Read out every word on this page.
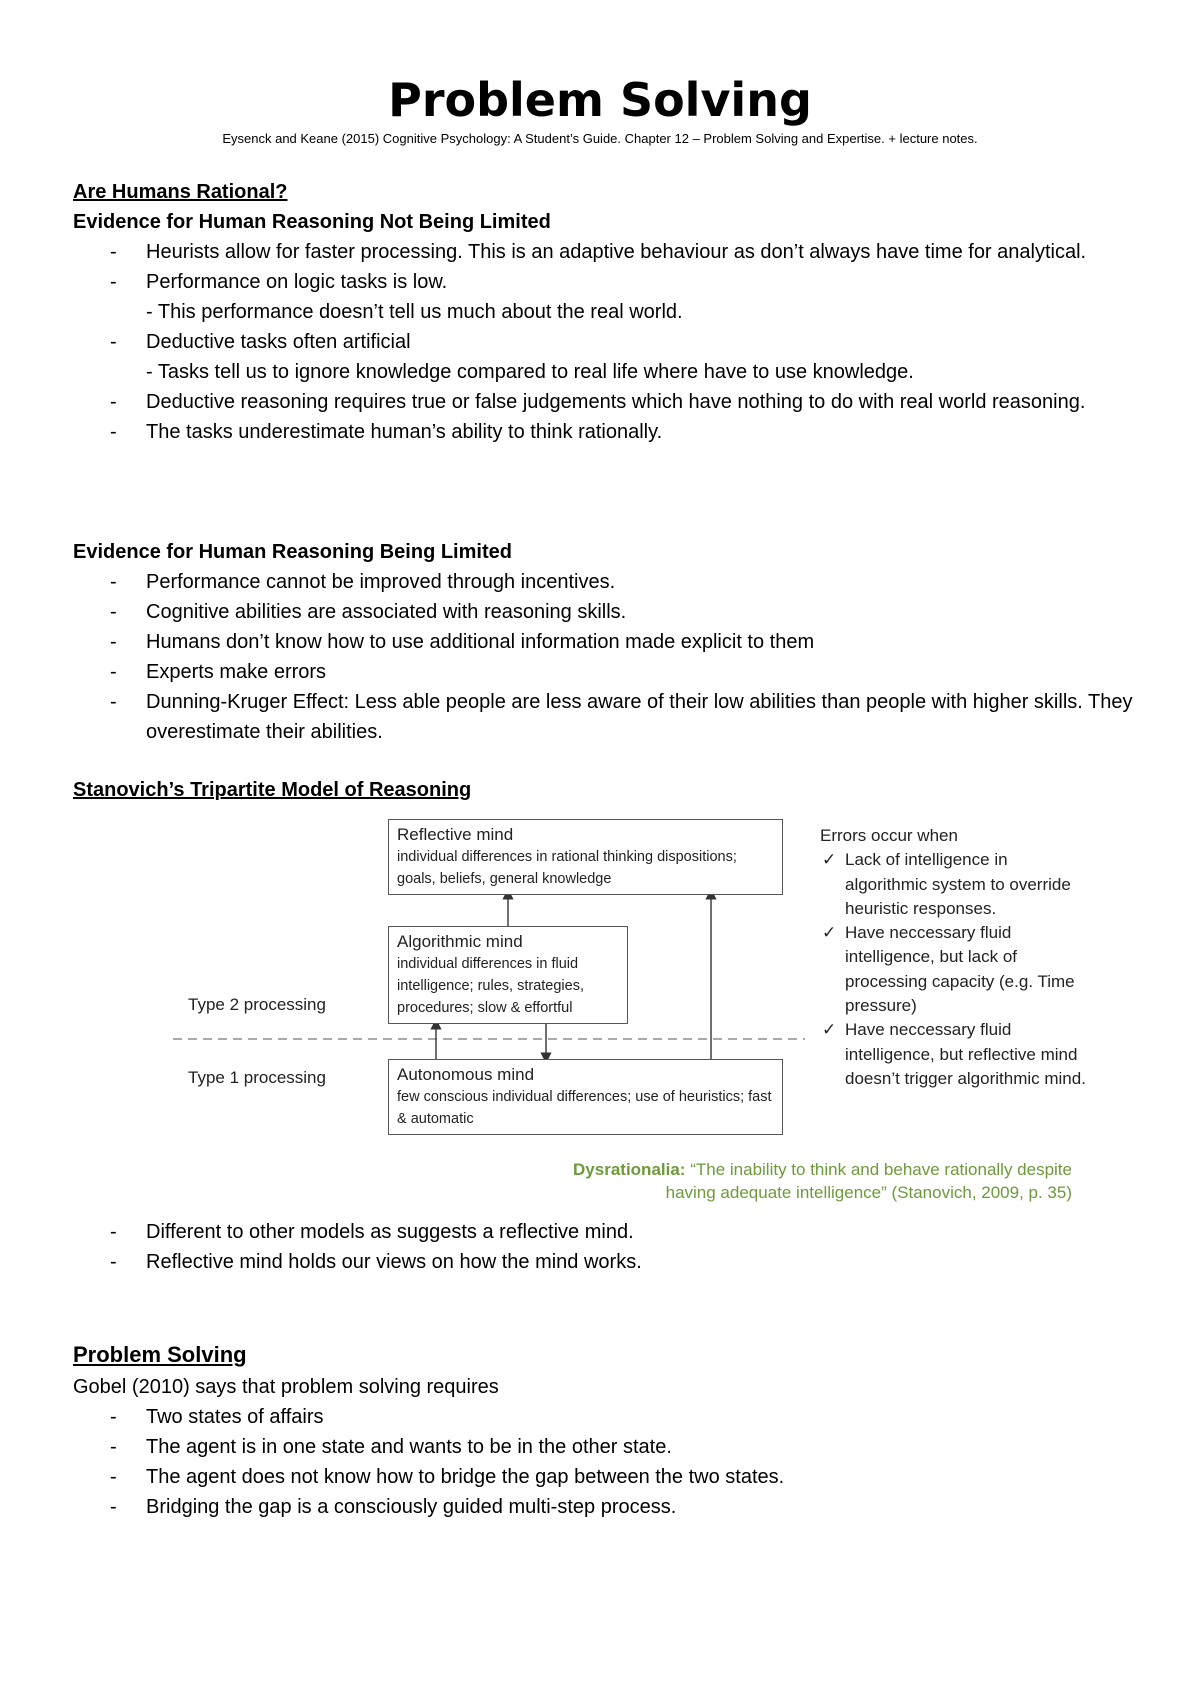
Problem Solving
Eysenck and Keane (2015) Cognitive Psychology: A Student’s Guide. Chapter 12 – Problem Solving and Expertise. + lecture notes.
Are Humans Rational?
Evidence for Human Reasoning Not Being Limited
- Heurists allow for faster processing. This is an adaptive behaviour as don’t always have time for analytical.
- Performance on logic tasks is low.
- This performance doesn’t tell us much about the real world.
- Deductive tasks often artificial
- Tasks tell us to ignore knowledge compared to real life where have to use knowledge.
- Deductive reasoning requires true or false judgements which have nothing to do with real world reasoning.
- The tasks underestimate human’s ability to think rationally.
Evidence for Human Reasoning Being Limited
- Performance cannot be improved through incentives.
- Cognitive abilities are associated with reasoning skills.
- Humans don’t know how to use additional information made explicit to them
- Experts make errors
- Dunning-Kruger Effect: Less able people are less aware of their low abilities than people with higher skills. They overestimate their abilities.
Stanovich’s Tripartite Model of Reasoning
Reflective mind
individual differences in rational thinking dispositions; goals, beliefs, general knowledge
Algorithmic mind
individual differences in fluid intelligence; rules, strategies, procedures; slow & effortful
Autonomous mind
few conscious individual differences; use of heuristics; fast & automatic
Type 2 processing
Type 1 processing
Errors occur when
✓ Lack of intelligence in algorithmic system to override heuristic responses.
✓ Have neccessary fluid intelligence, but lack of processing capacity (e.g. Time pressure)
✓ Have neccessary fluid intelligence, but reflective mind doesn’t trigger algorithmic mind.
Dysrationalia: “The inability to think and behave rationally despite
having adequate intelligence” (Stanovich, 2009, p. 35)
- Different to other models as suggests a reflective mind.
- Reflective mind holds our views on how the mind works.
Problem Solving
Gobel (2010) says that problem solving requires
- Two states of affairs
- The agent is in one state and wants to be in the other state.
- The agent does not know how to bridge the gap between the two states.
- Bridging the gap is a consciously guided multi-step process.
